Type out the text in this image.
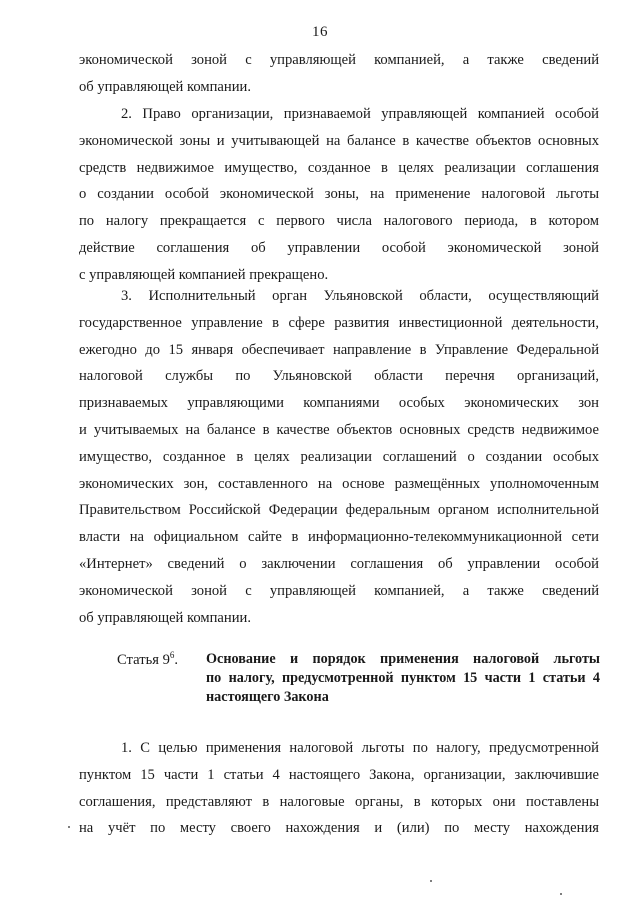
16
экономической зоной с управляющей компанией, а также сведений
об управляющей компании.
2. Право организации, признаваемой управляющей компанией особой
экономической зоны и учитывающей на балансе в качестве объектов основных
средств недвижимое имущество, созданное в целях реализации соглашения
о создании особой экономической зоны, на применение налоговой льготы
по налогу прекращается с первого числа налогового периода, в котором
действие соглашения об управлении особой экономической зоной
с управляющей компанией прекращено.
3. Исполнительный орган Ульяновской области, осуществляющий
государственное управление в сфере развития инвестиционной деятельности,
ежегодно до 15 января обеспечивает направление в Управление Федеральной
налоговой службы по Ульяновской области перечня организаций,
признаваемых управляющими компаниями особых экономических зон
и учитываемых на балансе в качестве объектов основных средств недвижимое
имущество, созданное в целях реализации соглашений о создании особых
экономических зон, составленного на основе размещённых уполномоченным
Правительством Российской Федерации федеральным органом исполнительной
власти на официальном сайте в информационно-телекоммуникационной сети
«Интернет» сведений о заключении соглашения об управлении особой
экономической зоной с управляющей компанией, а также сведений
об управляющей компании.
Статья $9^6$. Основание и порядок применения налоговой льготы
по налогу, предусмотренной пунктом 15 части 1 статьи 4
настоящего Закона
1. С целью применения налоговой льготы по налогу, предусмотренной
пунктом 15 части 1 статьи 4 настоящего Закона, организации, заключившие
соглашения, представляют в налоговые органы, в которых они поставлены
на учёт по месту своего нахождения и (или) по месту нахождения
